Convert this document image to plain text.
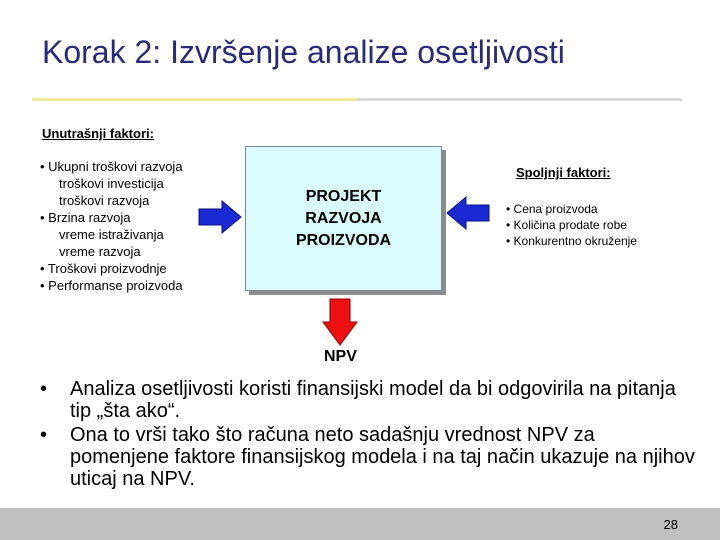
Korak 2: Izvršenje analize osetljivosti
Unutrašnji faktori:
• Ukupni troškovi razvoja
troškovi investicija
troškovi razvoja
• Brzina razvoja
vreme istraživanja
vreme razvoja
• Troškovi proizvodnje
• Performanse proizvoda
PROJEKT
RAZVOJA
PROIZVODA
Spoljnji faktori:
• Cena proizvoda
• Količina prodate robe
• Konkurentno okruženje
NPV
• Analiza osetljivosti koristi finansijski model da bi odgovirila na pitanja tip „šta ako“.
• Ona to vrši tako što računa neto sadašnju vrednost NPV za pomenjene faktore finansijskog modela i na taj način ukazuje na njihov uticaj na NPV.
28
